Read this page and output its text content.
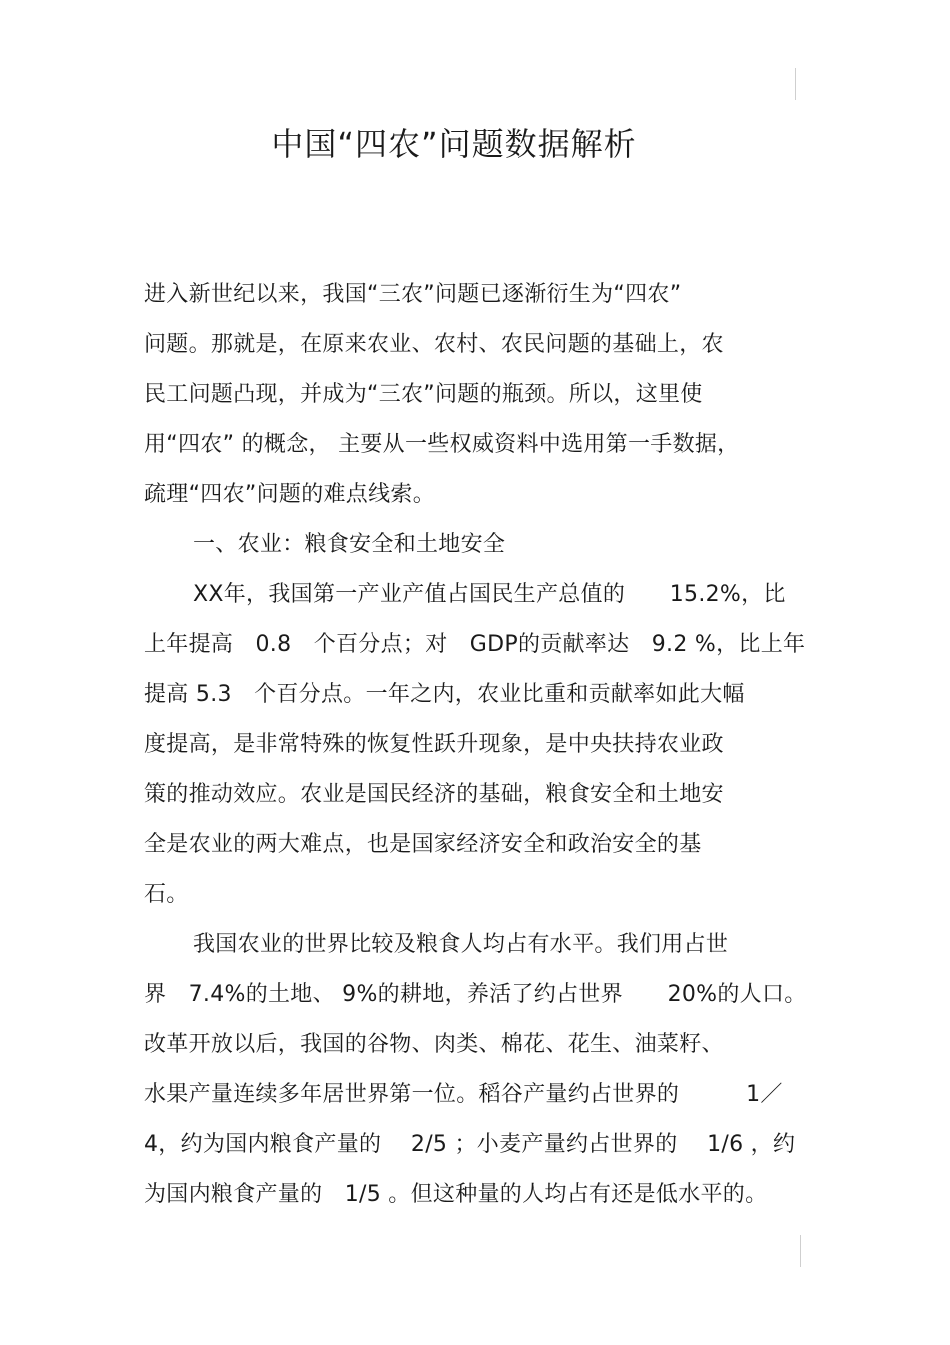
中国“四农”问题数据解析
进入新世纪以来，我国“三农”问题已逐渐衍生为“四农”
问题。那就是，在原来农业、农村、农民问题的基础上，农
民工问题凸现，并成为“三农”问题的瓶颈。所以，这里使
用“四农” 的概念， 主要从一些权威资料中选用第一手数据，
疏理“四农”问题的难点线索。
一、农业：粮食安全和土地安全
XX年，我国第一产业产值占国民生产总值的　　15.2%，比
上年提高　0.8　个百分点；对　GDP的贡献率达　9.2 %，比上年
提高 5.3　个百分点。一年之内，农业比重和贡献率如此大幅
度提高，是非常特殊的恢复性跃升现象，是中央扶持农业政
策的推动效应。农业是国民经济的基础，粮食安全和土地安
全是农业的两大难点，也是国家经济安全和政治安全的基
石。
我国农业的世界比较及粮食人均占有水平。我们用占世
界　7.4%的土地、 9%的耕地，养活了约占世界　　20%的人口。
改革开放以后，我国的谷物、肉类、棉花、花生、油菜籽、
水果产量连续多年居世界第一位。稻谷产量约占世界的　　　1／
4，约为国内粮食产量的　 2/5 ；小麦产量约占世界的　 1/6 ，约
为国内粮食产量的　1/5 。但这种量的人均占有还是低水平的。
